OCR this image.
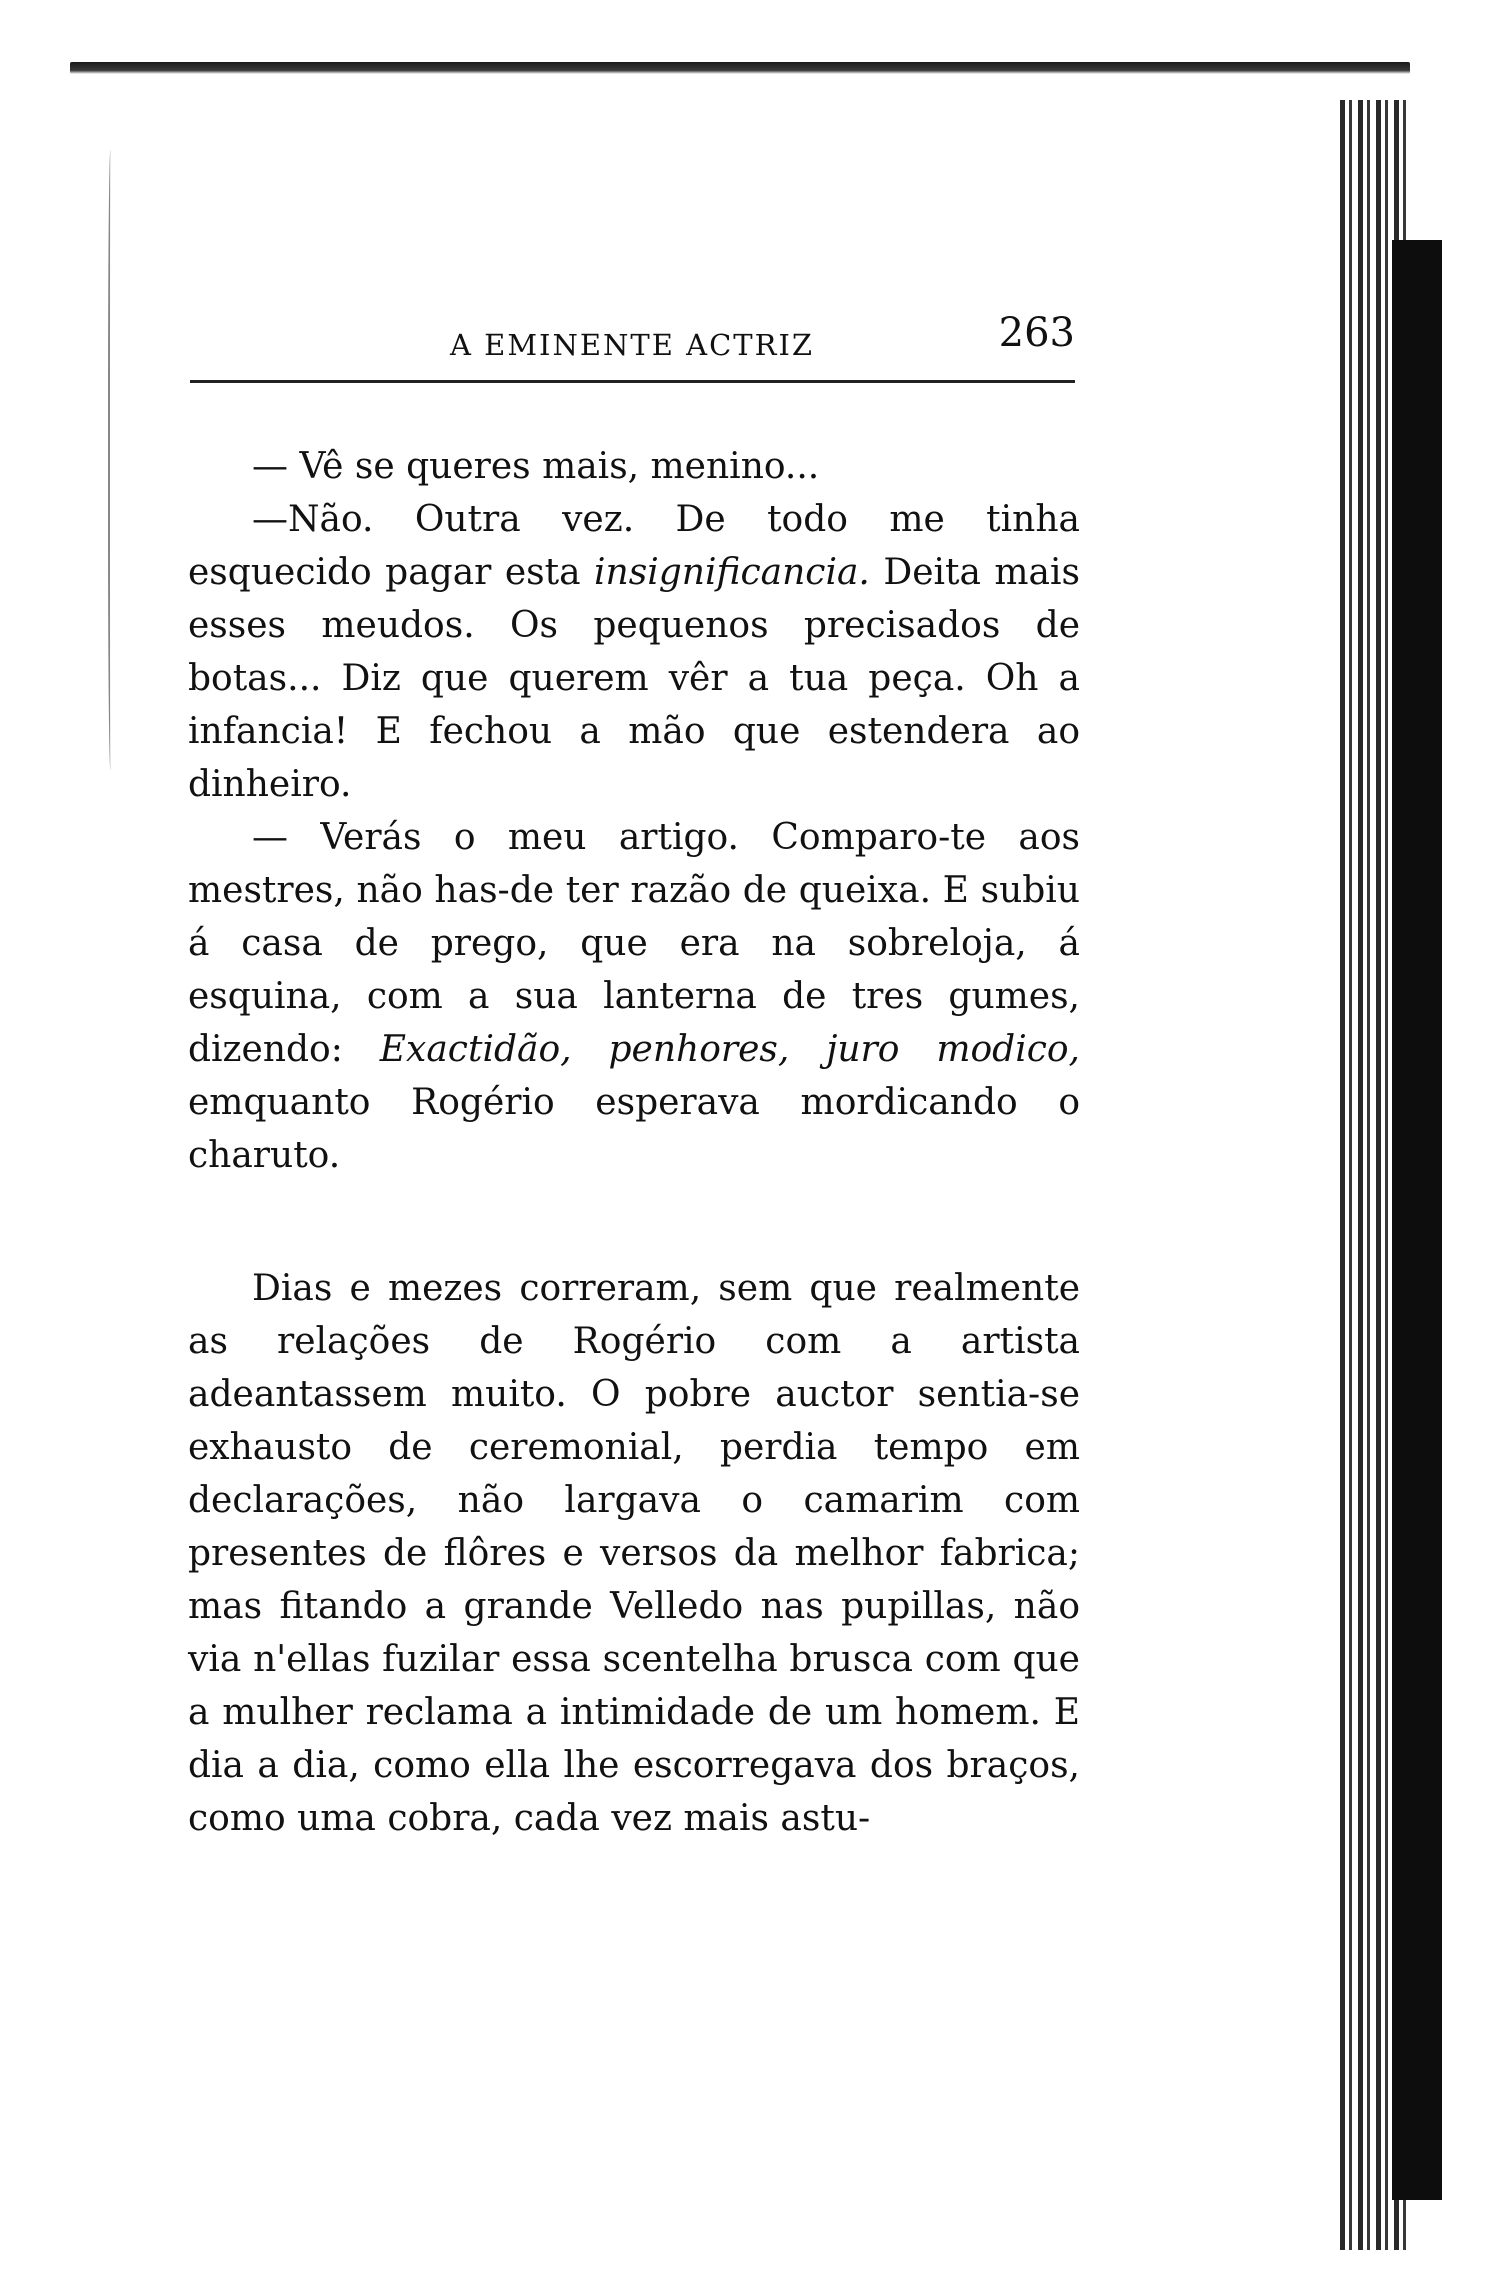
A EMINENTE ACTRIZ	263

— Vê se queres mais, menino...

—Não. Outra vez. De todo me tinha esquecido pagar esta insignificancia. Deita mais esses meudos. Os pequenos precisados de botas... Diz que querem vêr a tua peça. Oh a infancia! E fechou a mão que estendera ao dinheiro.

— Verás o meu artigo. Comparo-te aos mestres, não has-de ter razão de queixa. E subiu á casa de prego, que era na sobreloja, á esquina, com a sua lanterna de tres gumes, dizendo: Exactidão, penhores, juro modico, emquanto Rogério esperava mordicando o charuto.

Dias e mezes correram, sem que realmente as relações de Rogério com a artista adeantassem muito. O pobre auctor sentia-se exhausto de ceremonial, perdia tempo em declarações, não largava o camarim com presentes de flôres e versos da melhor fabrica; mas fitando a grande Velledo nas pupillas, não via n'ellas fuzilar essa scentelha brusca com que a mulher reclama a intimidade de um homem. E dia a dia, como ella lhe escorregava dos braços, como uma cobra, cada vez mais astu-
